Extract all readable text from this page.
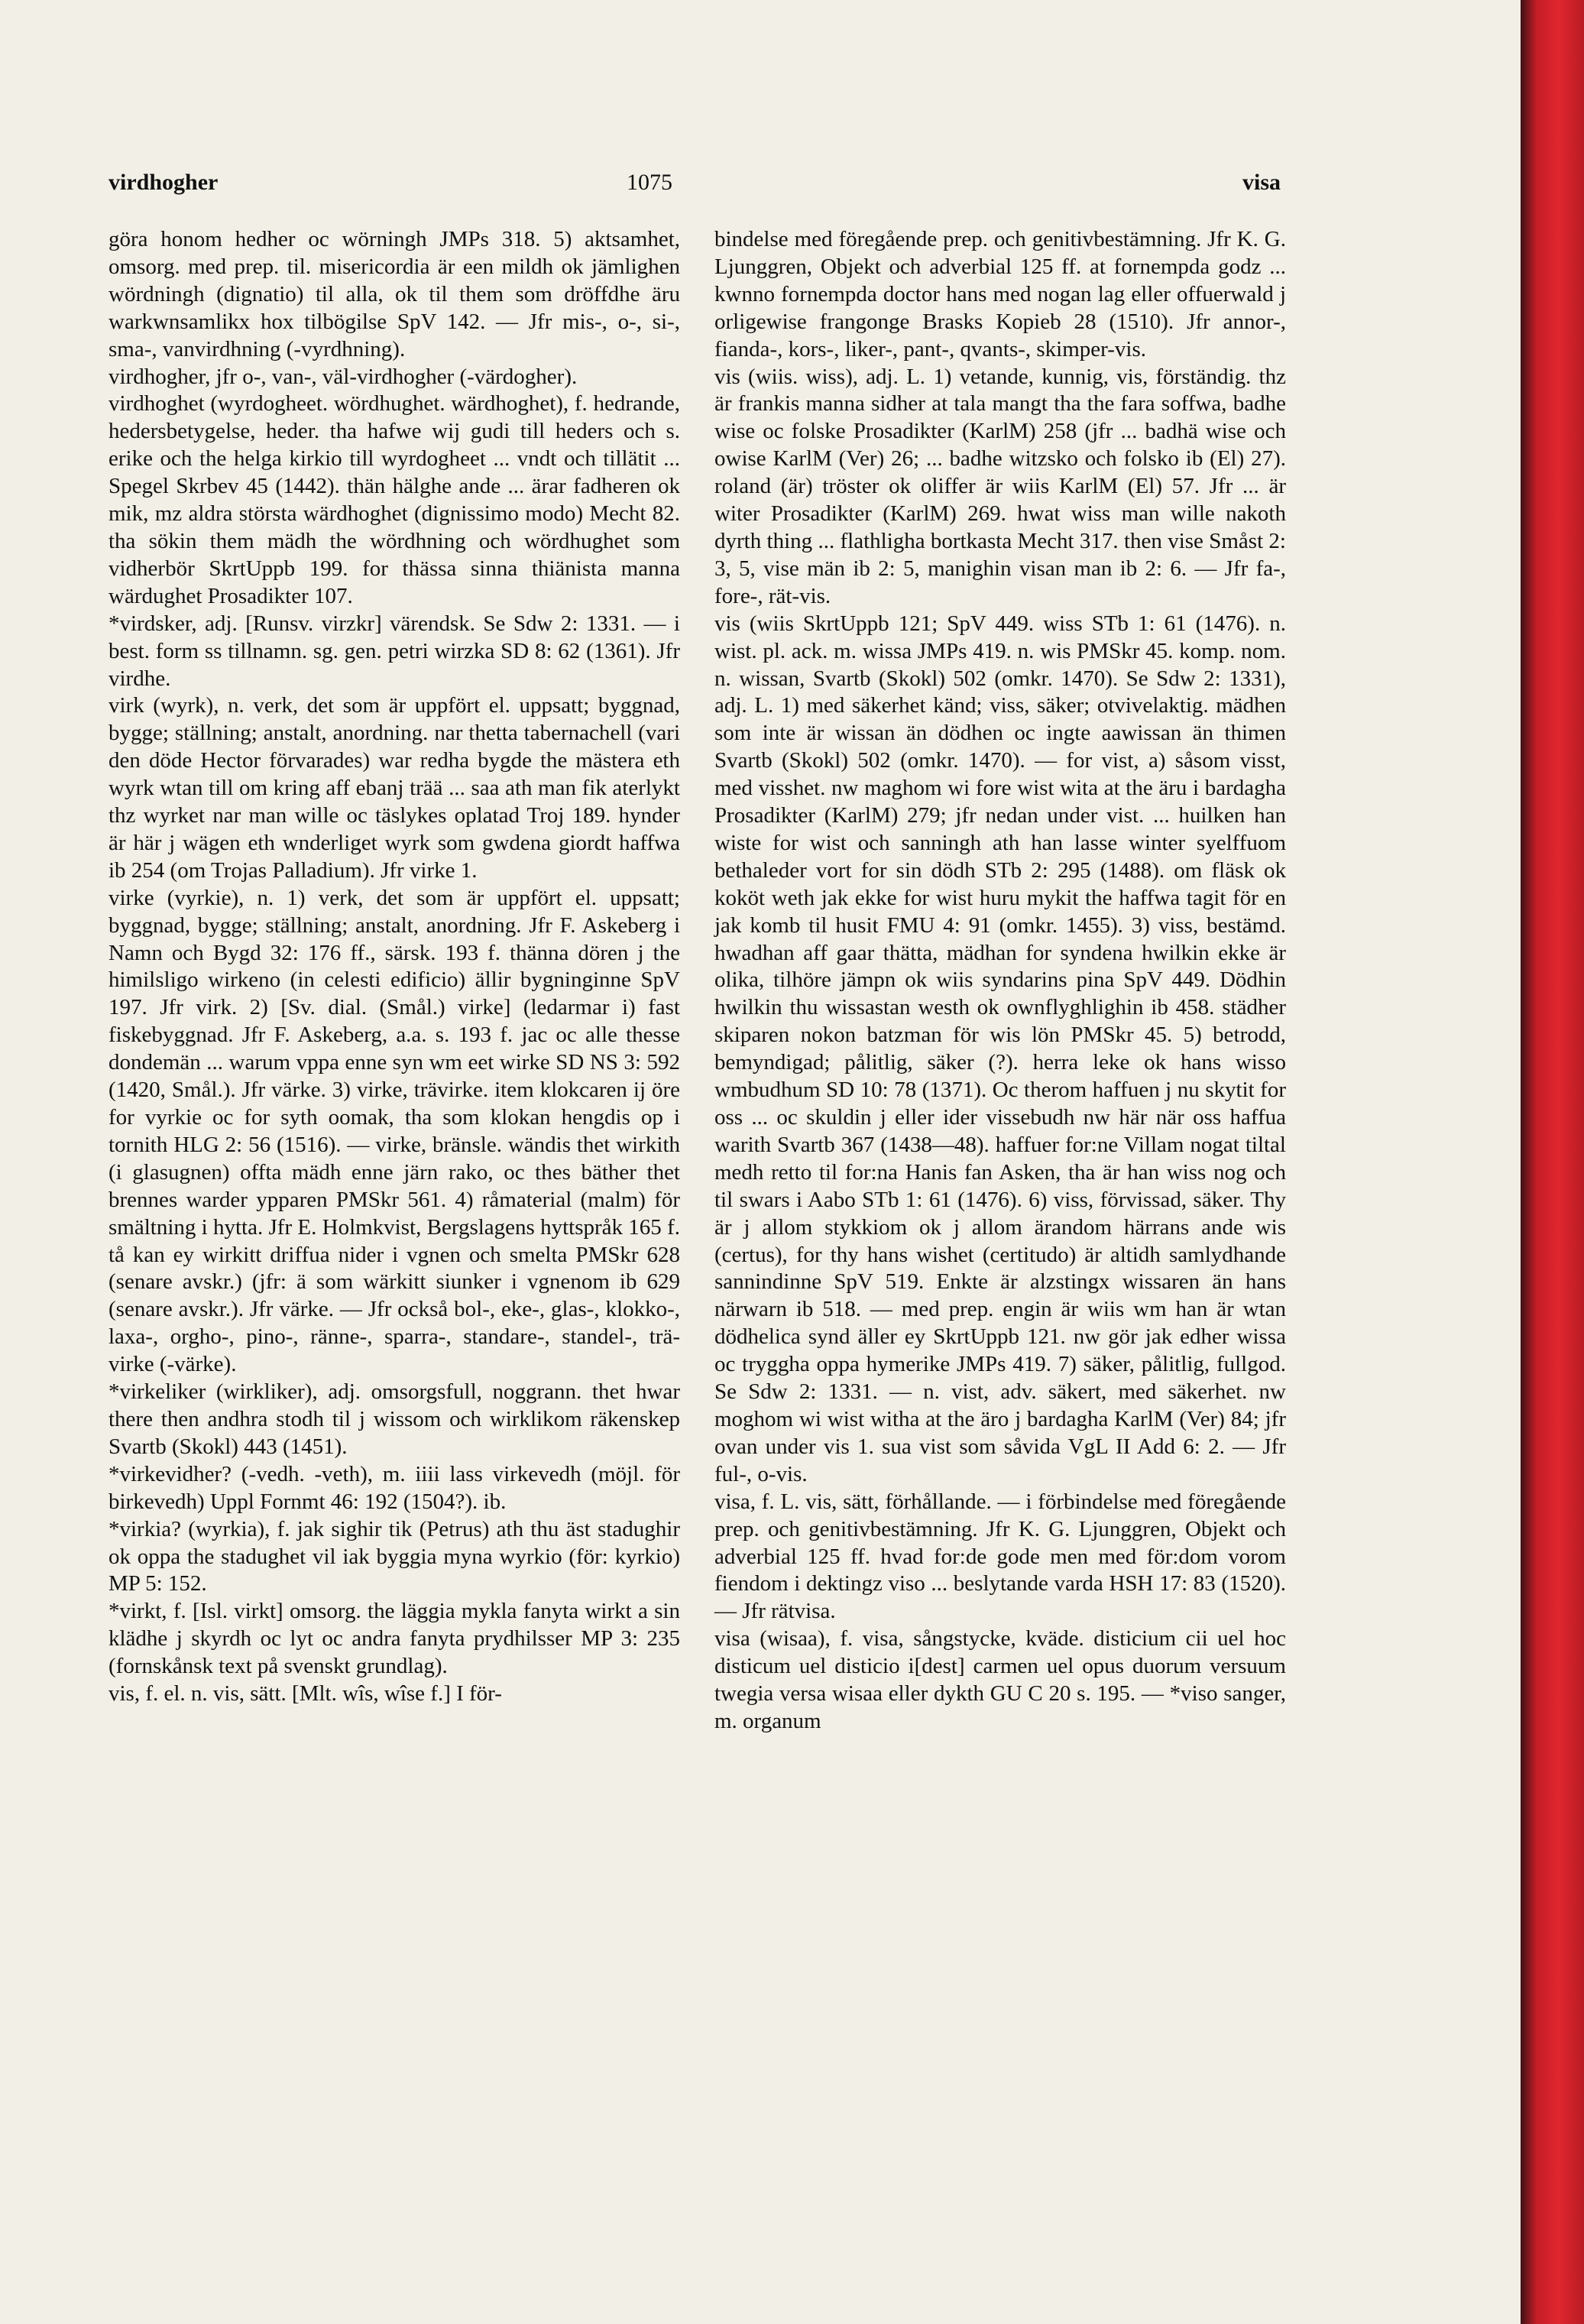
virdhogher	1075	visa

göra honom hedher oc wörningh JMPs 318. 5) aktsamhet, omsorg. med prep. til. misericordia är een mildh ok jämlighen wördningh (dignatio) til alla, ok til them som dröffdhe äru warkwnsamlikx hox tilbögilse SpV 142. — Jfr mis-, o-, si-, sma-, vanvirdhning (-vyrdhning).

virdhogher, jfr o-, van-, väl-virdhogher (-värdogher).

virdhoghet (wyrdogheet. wördhughet. wärdhoghet), f. hedrande, hedersbetygelse, heder. tha hafwe wij gudi till heders och s. erike och the helga kirkio till wyrdogheet ... vndt och tillätit ... Spegel Skrbev 45 (1442). thän hälghe ande ... ärar fadheren ok mik, mz aldra största wärdhoghet (dignissimo modo) Mecht 82. tha sökin them mädh the wördhning och wördhughet som vidherbör SkrtUppb 199. for thässa sinna thiänista manna wärdughet Prosadikter 107.

*virdsker, adj. [Runsv. virzkr] värendsk. Se Sdw 2: 1331. — i best. form ss tillnamn. sg. gen. petri wirzka SD 8: 62 (1361). Jfr virdhe.

virk (wyrk), n. verk, det som är uppfört el. uppsatt; byggnad, bygge; ställning; anstalt, anordning. nar thetta tabernachell (vari den döde Hector förvarades) war redha bygde the mästera eth wyrk wtan till om kring aff ebanj trää ... saa ath man fik aterlykt thz wyrket nar man wille oc täslykes oplatad Troj 189. hynder är här j wägen eth wnderliget wyrk som gwdena giordt haffwa ib 254 (om Trojas Palladium). Jfr virke 1.

virke (vyrkie), n. 1) verk, det som är uppfört el. uppsatt; byggnad, bygge; ställning; anstalt, anordning. Jfr F. Askeberg i Namn och Bygd 32: 176 ff., särsk. 193 f. thänna dören j the himilsligo wirkeno (in celesti edificio) ällir bygninginne SpV 197. Jfr virk. 2) [Sv. dial. (Smål.) virke] (ledarmar i) fast fiskebyggnad. Jfr F. Askeberg, a.a. s. 193 f. jac oc alle thesse dondemän ... warum vppa enne syn wm eet wirke SD NS 3: 592 (1420, Smål.). Jfr värke. 3) virke, trävirke. item klokcaren ij öre for vyrkie oc for syth oomak, tha som klokan hengdis op i tornith HLG 2: 56 (1516). — virke, bränsle. wändis thet wirkith (i glasugnen) offta mädh enne järn rako, oc thes bäther thet brennes warder ypparen PMSkr 561. 4) råmaterial (malm) för smältning i hytta. Jfr E. Holmkvist, Bergslagens hyttspråk 165 f. tå kan ey wirkitt driffua nider i vgnen och smelta PMSkr 628 (senare avskr.) (jfr: ä som wärkitt siunker i vgnenom ib 629 (senare avskr.). Jfr värke. — Jfr också bol-, eke-, glas-, klokko-, laxa-, orgho-, pino-, ränne-, sparra-, standare-, standel-, trä-virke (-värke).

*virkeliker (wirkliker), adj. omsorgsfull, noggrann. thet hwar there then andhra stodh til j wissom och wirklikom räkenskep Svartb (Skokl) 443 (1451).

*virkevidher? (-vedh. -veth), m. iiii lass virkevedh (möjl. för birkevedh) Uppl Fornmt 46: 192 (1504?). ib.

*virkia? (wyrkia), f. jak sighir tik (Petrus) ath thu äst stadughir ok oppa the stadughet vil iak byggia myna wyrkio (för: kyrkio) MP 5: 152.

*virkt, f. [Isl. virkt] omsorg. the läggia mykla fanyta wirkt a sin klädhe j skyrdh oc lyt oc andra fanyta prydhilsser MP 3: 235 (fornskånsk text på svenskt grundlag).

vis, f. el. n. vis, sätt. [Mlt. wîs, wîse f.] I för-

bindelse med föregående prep. och genitivbestämning. Jfr K. G. Ljunggren, Objekt och adverbial 125 ff. at fornempda godz ... kwnno fornempda doctor hans med nogan lag eller offuerwald j orligewise frangonge Brasks Kopieb 28 (1510). Jfr annor-, fianda-, kors-, liker-, pant-, qvants-, skimper-vis.

vis (wiis. wiss), adj. L. 1) vetande, kunnig, vis, förständig. thz är frankis manna sidher at tala mangt tha the fara soffwa, badhe wise oc folske Prosadikter (KarlM) 258 (jfr ... badhä wise och owise KarlM (Ver) 26; ... badhe witzsko och folsko ib (El) 27). roland (är) tröster ok oliffer är wiis KarlM (El) 57. Jfr ... är witer Prosadikter (KarlM) 269. hwat wiss man wille nakoth dyrth thing ... flathligha bortkasta Mecht 317. then vise Småst 2: 3, 5, vise män ib 2: 5, manighin visan man ib 2: 6. — Jfr fa-, fore-, rät-vis.

vis (wiis SkrtUppb 121; SpV 449. wiss STb 1: 61 (1476). n. wist. pl. ack. m. wissa JMPs 419. n. wis PMSkr 45. komp. nom. n. wissan, Svartb (Skokl) 502 (omkr. 1470). Se Sdw 2: 1331), adj. L. 1) med säkerhet känd; viss, säker; otvivelaktig. mädhen som inte är wissan än dödhen oc ingte aawissan än thimen Svartb (Skokl) 502 (omkr. 1470). — for vist, a) såsom visst, med visshet. nw maghom wi fore wist wita at the äru i bardagha Prosadikter (KarlM) 279; jfr nedan under vist. ... huilken han wiste for wist och sanningh ath han lasse winter syelffuom bethaleder vort for sin dödh STb 2: 295 (1488). om fläsk ok koköt weth jak ekke for wist huru mykit the haffwa tagit för en jak komb til husit FMU 4: 91 (omkr. 1455). 3) viss, bestämd. hwadhan aff gaar thätta, mädhan for syndena hwilkin ekke är olika, tilhöre jämpn ok wiis syndarins pina SpV 449. Dödhin hwilkin thu wissastan westh ok ownflyghlighin ib 458. städher skiparen nokon batzman för wis lön PMSkr 45. 5) betrodd, bemyndigad; pålitlig, säker (?). herra leke ok hans wisso wmbudhum SD 10: 78 (1371). Oc therom haffuen j nu skytit for oss ... oc skuldin j eller ider vissebudh nw här när oss haffua warith Svartb 367 (1438—48). haffuer for:ne Villam nogat tiltal medh retto til for:na Hanis fan Asken, tha är han wiss nog och til swars i Aabo STb 1: 61 (1476). 6) viss, förvissad, säker. Thy är j allom stykkiom ok j allom ärandom härrans ande wis (certus), for thy hans wishet (certitudo) är altidh samlydhande sannindinne SpV 519. Enkte är alzstingx wissaren än hans närwarn ib 518. — med prep. engin är wiis wm han är wtan dödhelica synd äller ey SkrtUppb 121. nw gör jak edher wissa oc tryggha oppa hymerike JMPs 419. 7) säker, pålitlig, fullgod. Se Sdw 2: 1331. — n. vist, adv. säkert, med säkerhet. nw moghom wi wist witha at the äro j bardagha KarlM (Ver) 84; jfr ovan under vis 1. sua vist som såvida VgL II Add 6: 2. — Jfr ful-, o-vis.

visa, f. L. vis, sätt, förhållande. — i förbindelse med föregående prep. och genitivbestämning. Jfr K. G. Ljunggren, Objekt och adverbial 125 ff. hvad for:de gode men med för:dom vorom fiendom i dektingz viso ... beslytande varda HSH 17: 83 (1520). — Jfr rätvisa.

visa (wisaa), f. visa, sångstycke, kväde. disticium cii uel hoc disticum uel disticio i[dest] carmen uel opus duorum versuum twegia versa wisaa eller dykth GU C 20 s. 195. — *viso sanger, m. organum
